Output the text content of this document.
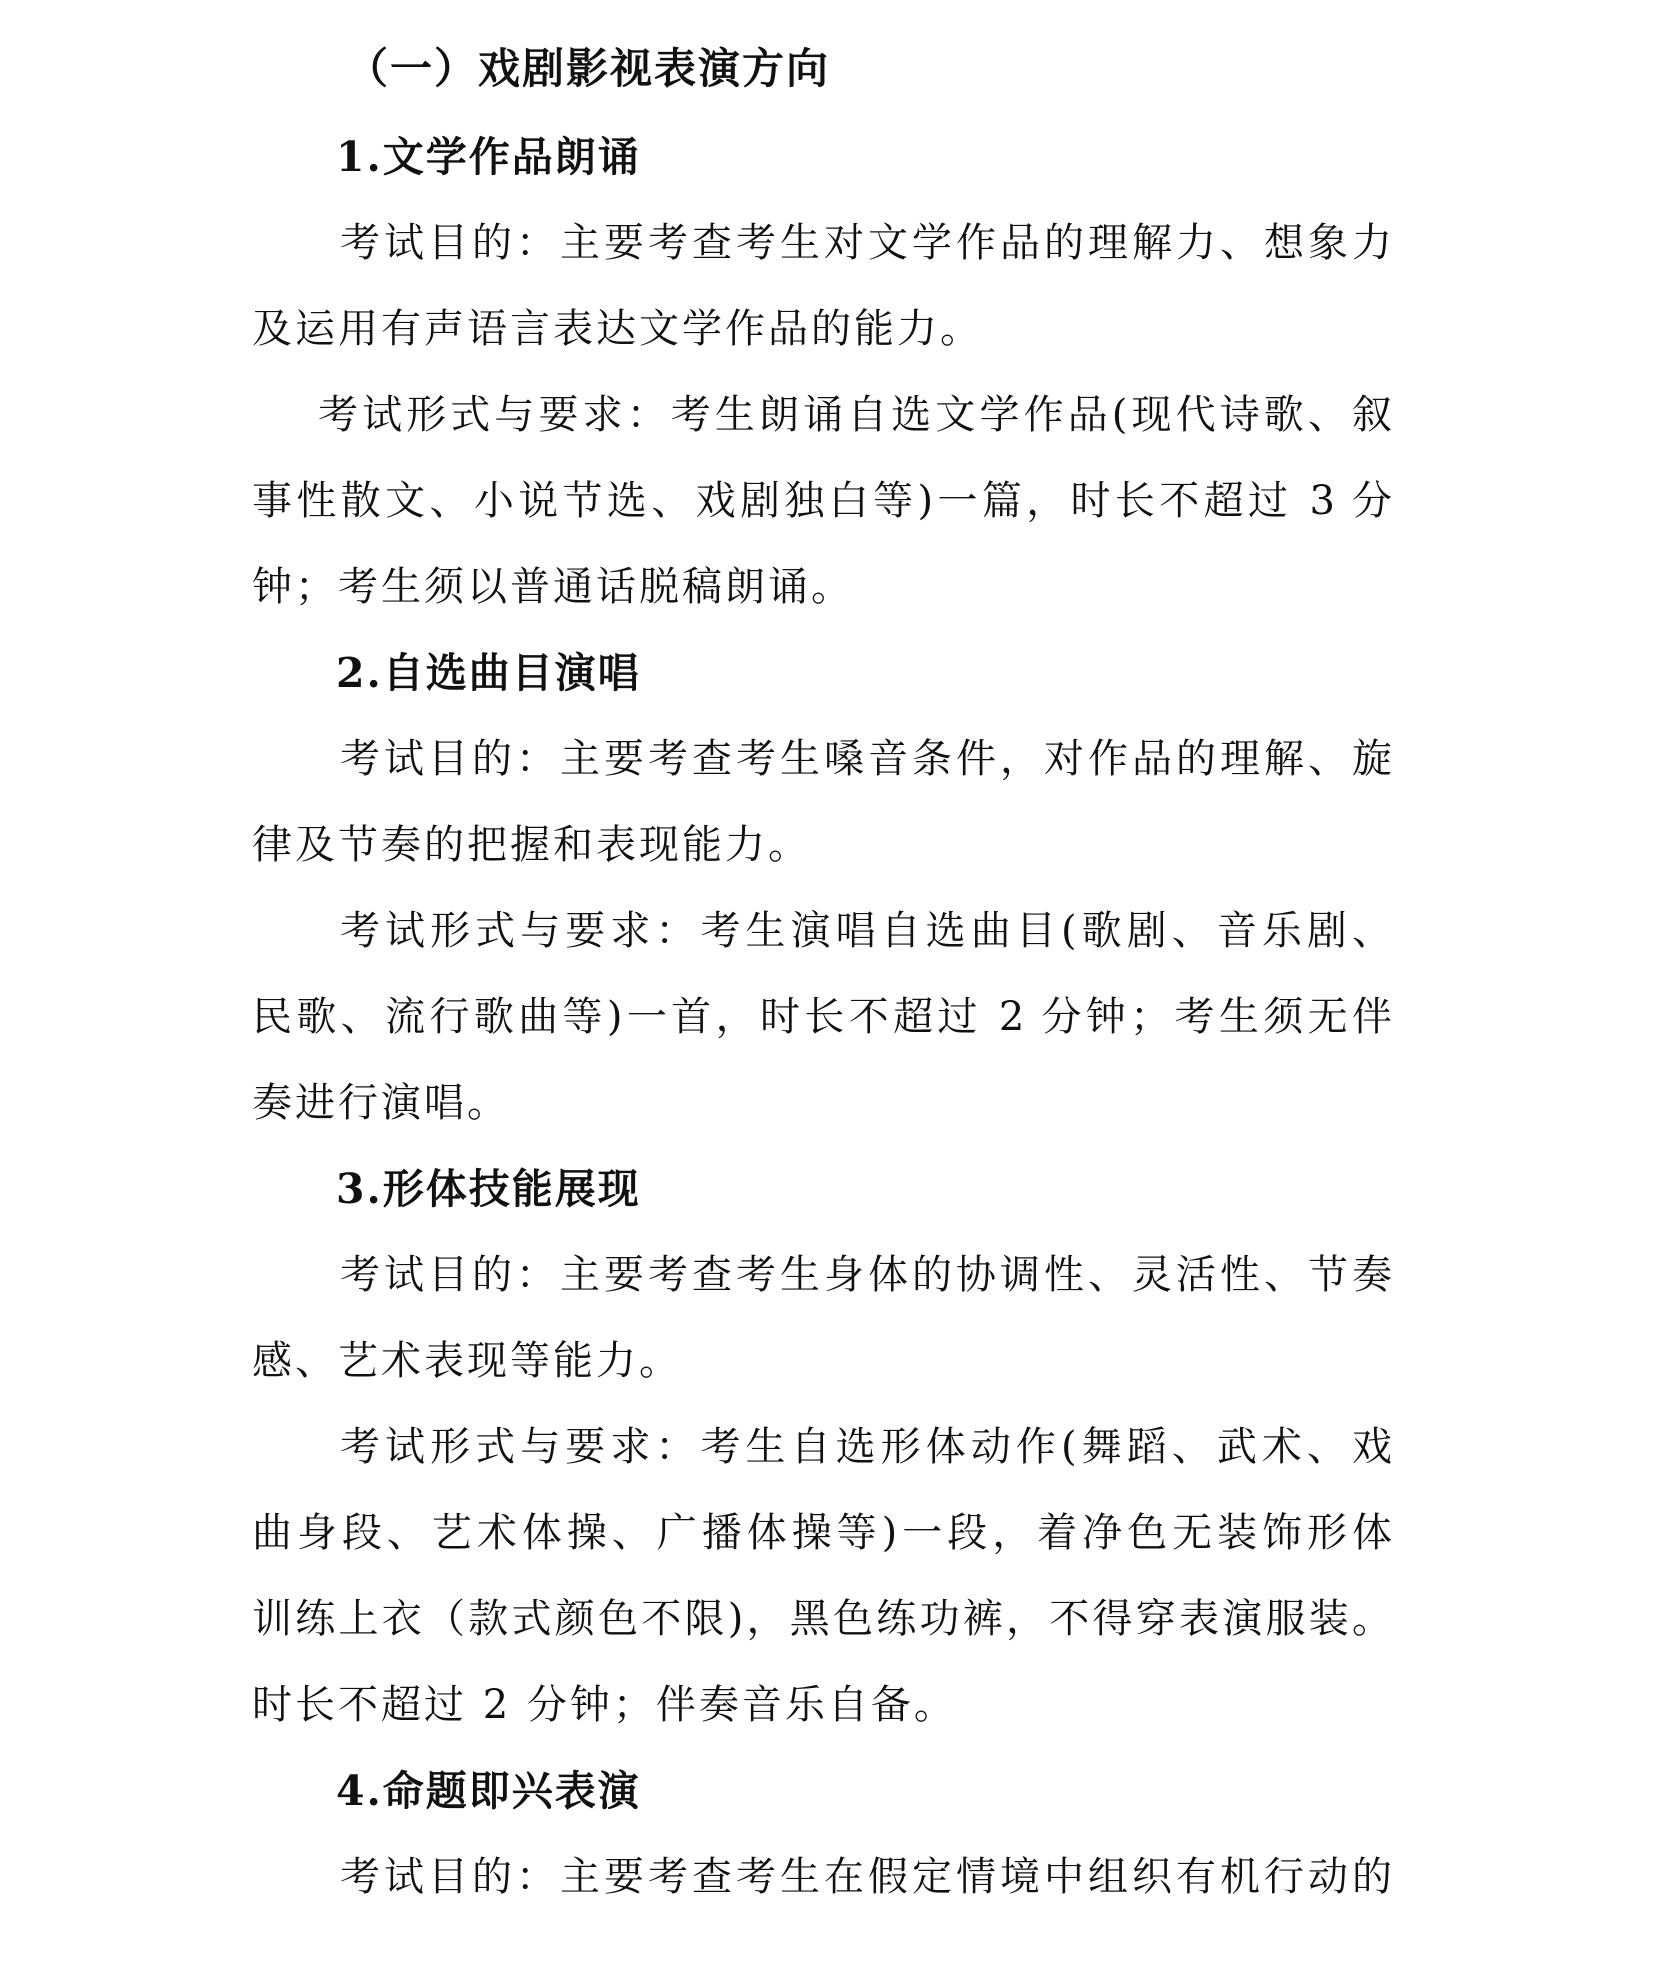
（一）戏剧影视表演方向
1.文学作品朗诵
考试目的：主要考查考生对文学作品的理解力、想象力
及运用有声语言表达文学作品的能力。
考试形式与要求：考生朗诵自选文学作品(现代诗歌、叙
事性散文、小说节选、戏剧独白等)一篇，时长不超过 3 分
钟；考生须以普通话脱稿朗诵。
2.自选曲目演唱
考试目的：主要考查考生嗓音条件，对作品的理解、旋
律及节奏的把握和表现能力。
考试形式与要求：考生演唱自选曲目(歌剧、音乐剧、
民歌、流行歌曲等)一首，时长不超过 2 分钟；考生须无伴
奏进行演唱。
3.形体技能展现
考试目的：主要考查考生身体的协调性、灵活性、节奏
感、艺术表现等能力。
考试形式与要求：考生自选形体动作(舞蹈、武术、戏
曲身段、艺术体操、广播体操等)一段，着净色无装饰形体
训练上衣（款式颜色不限)，黑色练功裤，不得穿表演服装。
时长不超过 2 分钟；伴奏音乐自备。
4.命题即兴表演
考试目的：主要考查考生在假定情境中组织有机行动的
